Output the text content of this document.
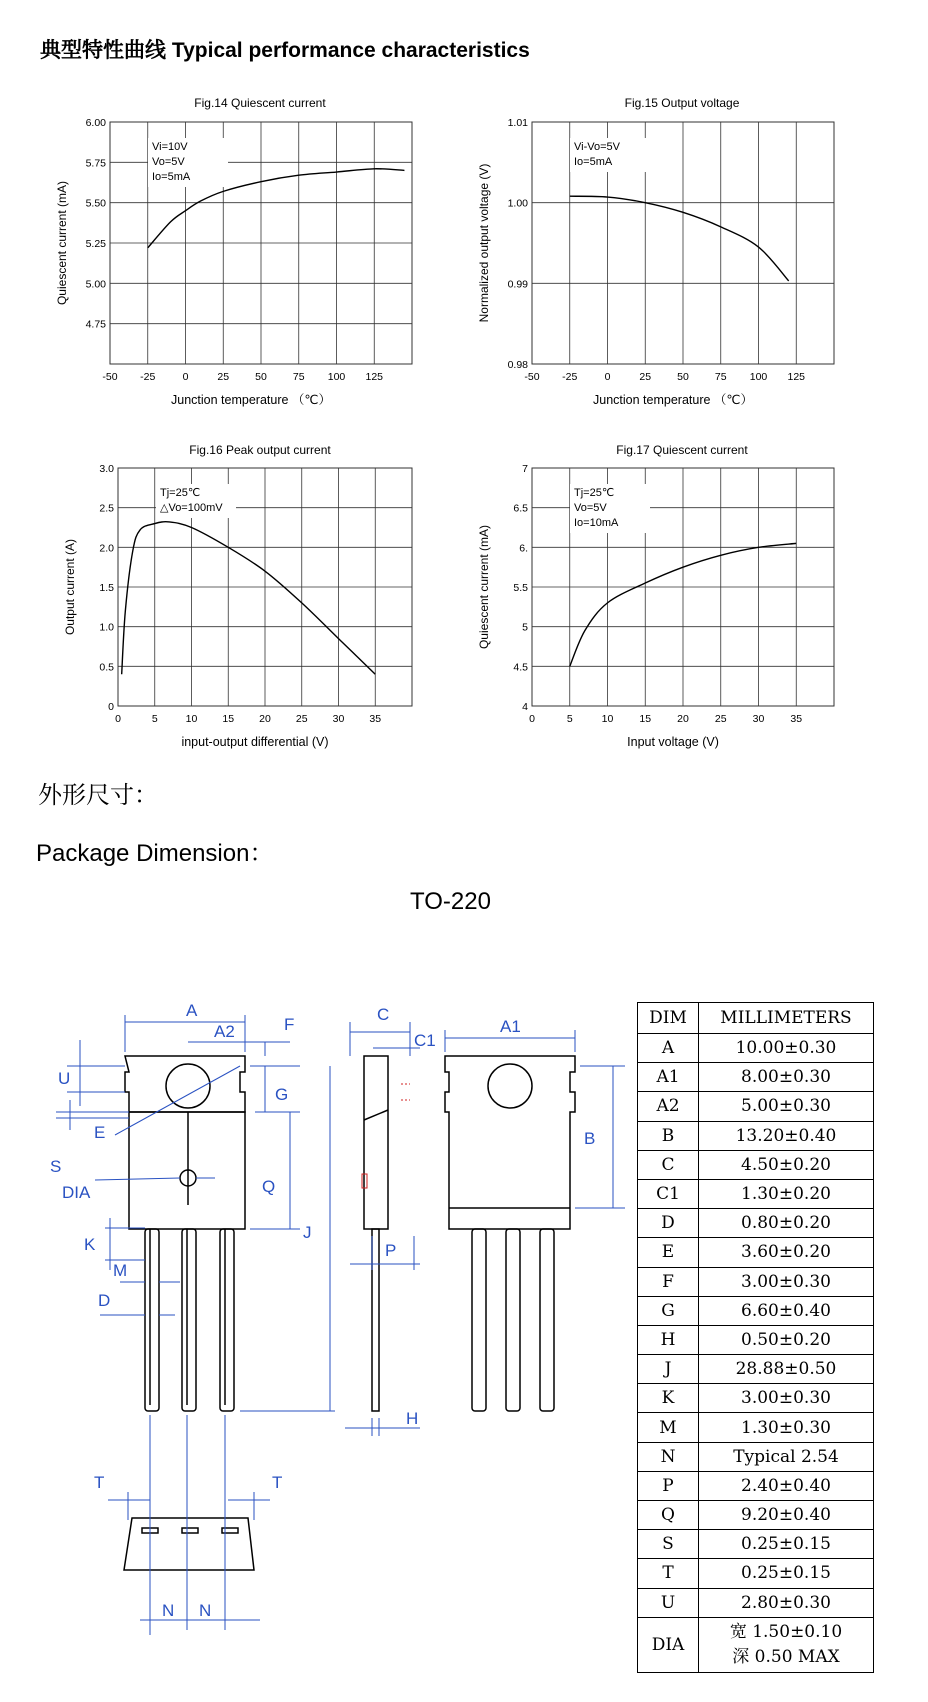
典型特性曲线 Typical performance characteristics
Fig.14 Quiescent current	Fig.15 Output voltage
Fig.16 Peak output current	Fig.17 Quiescent current
-50 -25	0	25 50 75 100 125
6.00
5.75
5.50
5.25
5.00
4.75
Junction temperature （℃）
Quiescent current (mA)
Vi=10V
Vo=5V
Io=5mA
-50 -25	0	25 50 75 100 125
1.01
1.00
0.99
0.98
Junction temperature （℃）
Normalized output voltage (V)
Vi-Vo=5V
Io=5mA
0	5	10 15 20 25 30 35
3.0
2.5
2.0
1.5
1.0
0.5
0
input-output differential (V)
Output current (A)
Tj=25℃
△Vo=100mV
0	5	10 15 20 25 30 35
7
6.5
6.
5.5
5
4.5
4
Input voltage (V)
Quiescent current (mA)
Tj=25℃
Vo=5V
Io=10mA
外形尺寸：
Package Dimension：
TO-220
A
A2	F
C
C1
A1
U
E
G
S
DIA	Q
J
B
K
M
D
N N
P
H
T	T
DIM	MILLIMETERS
A	10.00±0.30
A1	8.00±0.30
A2	5.00±0.30
B	13.20±0.40
C	4.50±0.20
C1	1.30±0.20
D	0.80±0.20
E	3.60±0.20
F	3.00±0.30
G	6.60±0.40
H	0.50±0.20
J	28.88±0.50
K	3.00±0.30
M	1.30±0.30
N	Typical 2.54
P	2.40±0.40
Q	9.20±0.40
S	0.25±0.15
T	0.25±0.15
U	2.80±0.30
DIA	宽 1.50±0.10
深 0.50 MAX
